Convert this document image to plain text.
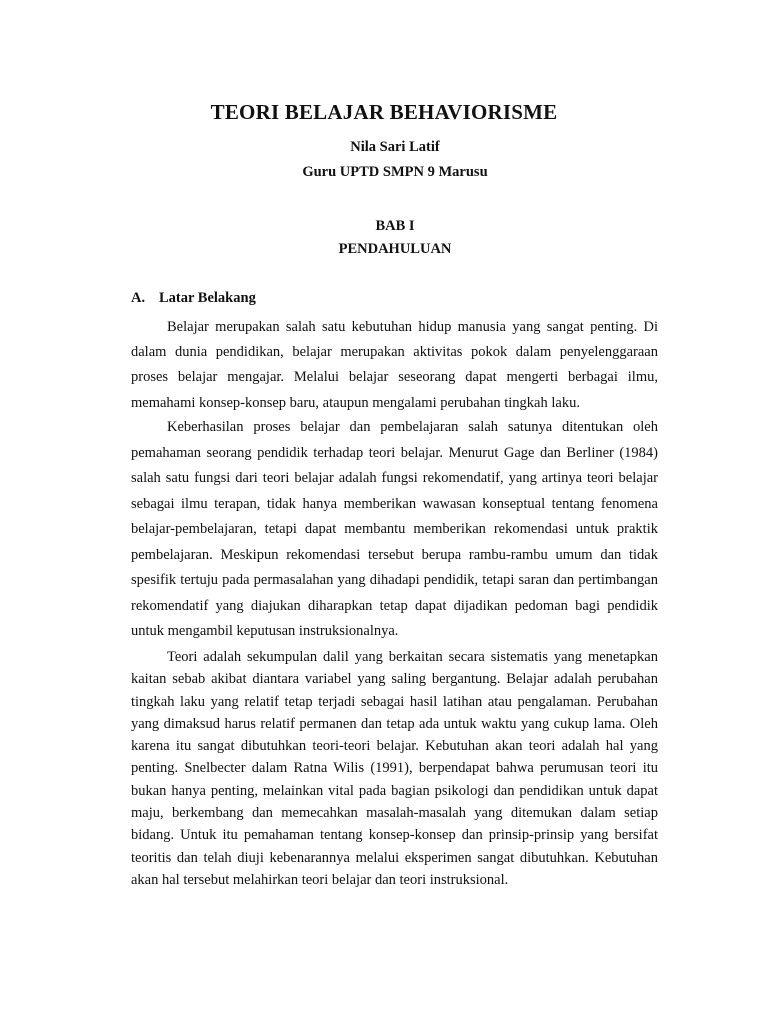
TEORI BELAJAR BEHAVIORISME
Nila Sari Latif
Guru UPTD SMPN 9 Marusu
BAB I
PENDAHULUAN
A. Latar Belakang

Belajar merupakan salah satu kebutuhan hidup manusia yang sangat penting. Di dalam dunia pendidikan, belajar merupakan aktivitas pokok dalam penyelenggaraan proses belajar mengajar. Melalui belajar seseorang dapat mengerti berbagai ilmu, memahami konsep-konsep baru, ataupun mengalami perubahan tingkah laku.

Keberhasilan proses belajar dan pembelajaran salah satunya ditentukan oleh pemahaman seorang pendidik terhadap teori belajar. Menurut Gage dan Berliner (1984) salah satu fungsi dari teori belajar adalah fungsi rekomendatif, yang artinya teori belajar sebagai ilmu terapan, tidak hanya memberikan wawasan konseptual tentang fenomena belajar-pembelajaran, tetapi dapat membantu memberikan rekomendasi untuk praktik pembelajaran. Meskipun rekomendasi tersebut berupa rambu-rambu umum dan tidak spesifik tertuju pada permasalahan yang dihadapi pendidik, tetapi saran dan pertimbangan rekomendatif yang diajukan diharapkan tetap dapat dijadikan pedoman bagi pendidik untuk mengambil keputusan instruksionalnya.

Teori adalah sekumpulan dalil yang berkaitan secara sistematis yang menetapkan kaitan sebab akibat diantara variabel yang saling bergantung. Belajar adalah perubahan tingkah laku yang relatif tetap terjadi sebagai hasil latihan atau pengalaman. Perubahan yang dimaksud harus relatif permanen dan tetap ada untuk waktu yang cukup lama. Oleh karena itu sangat dibutuhkan teori-teori belajar. Kebutuhan akan teori adalah hal yang penting. Snelbecter dalam Ratna Wilis (1991), berpendapat bahwa perumusan teori itu bukan hanya penting, melainkan vital pada bagian psikologi dan pendidikan untuk dapat maju, berkembang dan memecahkan masalah-masalah yang ditemukan dalam setiap bidang. Untuk itu pemahaman tentang konsep-konsep dan prinsip-prinsip yang bersifat teoritis dan telah diuji kebenarannya melalui eksperimen sangat dibutuhkan. Kebutuhan akan hal tersebut melahirkan teori belajar dan teori instruksional.
